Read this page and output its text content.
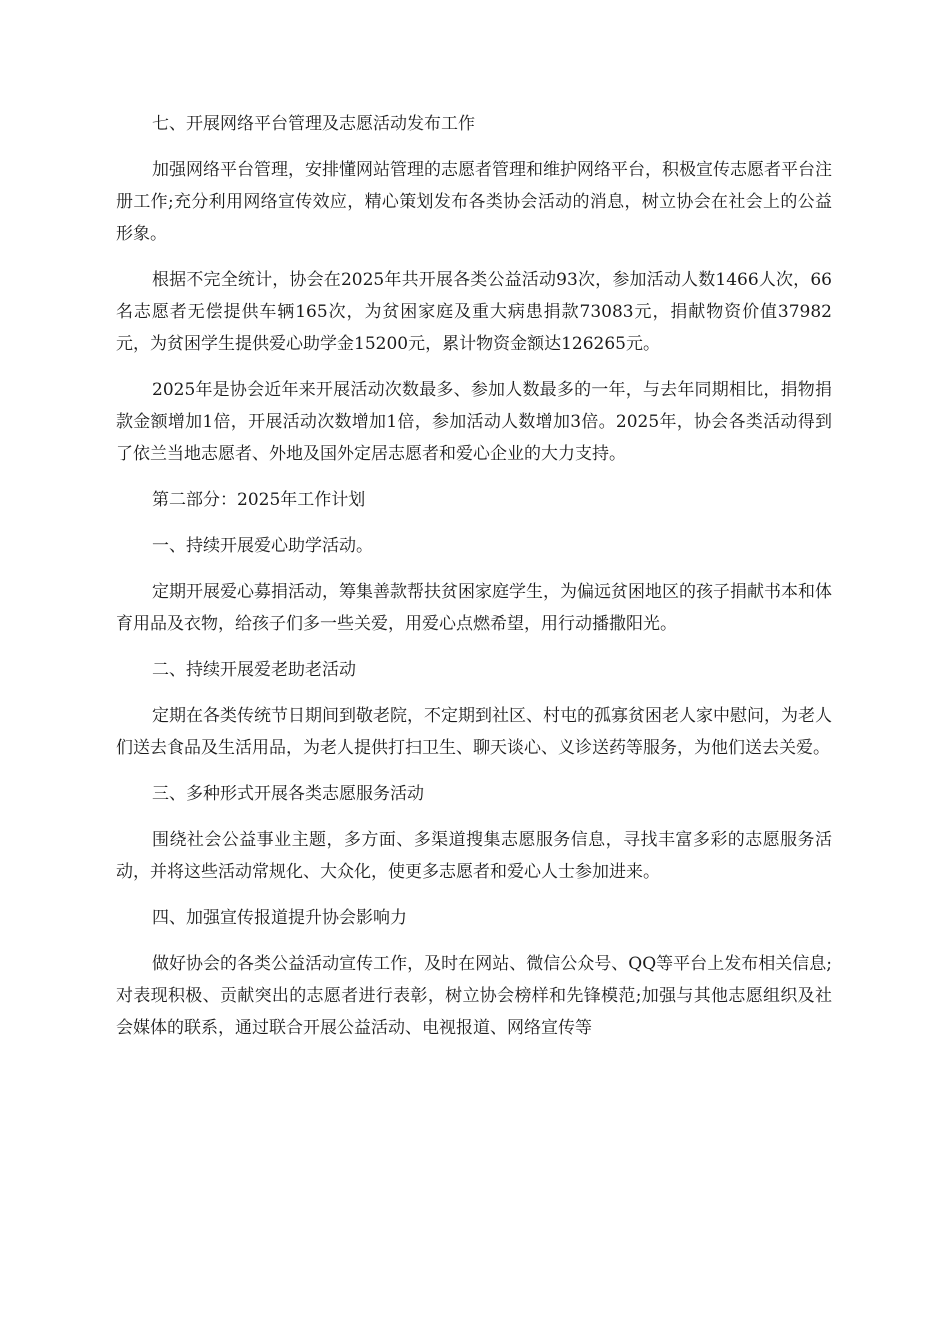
七、开展网络平台管理及志愿活动发布工作

加强网络平台管理，安排懂网站管理的志愿者管理和维护网络平台，积极宣传志愿者平台注册工作;充分利用网络宣传效应，精心策划发布各类协会活动的消息，树立协会在社会上的公益形象。

根据不完全统计，协会在2025年共开展各类公益活动93次，参加活动人数1466人次，66名志愿者无偿提供车辆165次，为贫困家庭及重大病患捐款73083元，捐献物资价值37982元，为贫困学生提供爱心助学金15200元，累计物资金额达126265元。

2025年是协会近年来开展活动次数最多、参加人数最多的一年，与去年同期相比，捐物捐款金额增加1倍，开展活动次数增加1倍，参加活动人数增加3倍。2025年，协会各类活动得到了依兰当地志愿者、外地及国外定居志愿者和爱心企业的大力支持。

第二部分：2025年工作计划

一、持续开展爱心助学活动。

定期开展爱心募捐活动，筹集善款帮扶贫困家庭学生，为偏远贫困地区的孩子捐献书本和体育用品及衣物，给孩子们多一些关爱，用爱心点燃希望，用行动播撒阳光。

二、持续开展爱老助老活动

定期在各类传统节日期间到敬老院，不定期到社区、村屯的孤寡贫困老人家中慰问，为老人们送去食品及生活用品，为老人提供打扫卫生、聊天谈心、义诊送药等服务，为他们送去关爱。

三、多种形式开展各类志愿服务活动

围绕社会公益事业主题，多方面、多渠道搜集志愿服务信息，寻找丰富多彩的志愿服务活动，并将这些活动常规化、大众化，使更多志愿者和爱心人士参加进来。

四、加强宣传报道提升协会影响力

做好协会的各类公益活动宣传工作，及时在网站、微信公众号、QQ等平台上发布相关信息;对表现积极、贡献突出的志愿者进行表彰，树立协会榜样和先锋模范;加强与其他志愿组织及社会媒体的联系，通过联合开展公益活动、电视报道、网络宣传等
